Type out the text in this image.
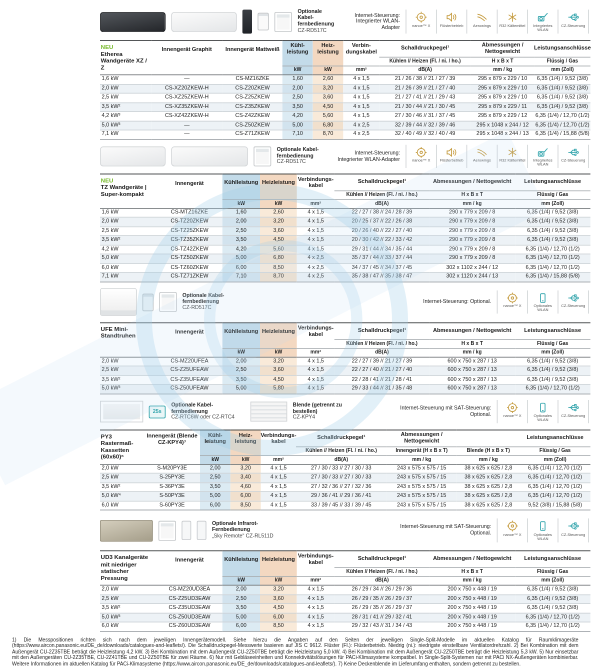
Optionale Kabel-fernbedienung
CZ-RD517C
Internet-Steuerung: Integrierter WLAN-Adapter	nanoe™ X Flüsterbetrieb Aerowings R32 Kältemittel	Integriertes WLAN
CZ-Steuerung
NEU
Etherea Wandgeräte XZ / Z

Innengerät Graphit	Innengerät Mattweiß

Kühl-leistung
kW

Heiz-leistung
kW

Verbin-dungskabel
mm²

Schalldruckpegel¹
Kühlen // Heizen (Fl. / ni. / ho.)
dB(A)

Abmessungen / Nettogewicht
H x B x T
mm / kg

Leistungsanschlüsse
Flüssig / Gas
mm (Zoll)

1,6 kW	—	CS-MZ16ZKE	1,60	2,60	4 x 1,5	21 / 26 / 38 // 21 / 27 / 39	295 x 879 x 229 / 10	6,35 (1/4) / 9,52 (3/8)
2,0 kW	CS-XZ20ZKEW-H	CS-Z20ZKEW	2,00	3,20	4 x 1,5	21 / 26 / 39 // 21 / 27 / 40	295 x 879 x 229 / 10	6,35 (1/4) / 9,52 (3/8)
2,5 kW	CS-XZ25ZKEW-H	CS-Z25ZKEW	2,50	3,60	4 x 1,5	21 / 27 / 41 // 21 / 29 / 43	295 x 879 x 229 / 10	6,35 (1/4) / 9,52 (3/8)
3,5 kW²	CS-XZ35ZKEW-H	CS-Z35ZKEW	3,50	4,50	4 x 1,5	21 / 30 / 44 // 21 / 30 / 45	295 x 879 x 229 / 11	6,35 (1/4) / 9,52 (3/8)
4,2 kW³	CS-XZ42ZKEW-H	CS-Z42ZKEW	4,20	5,60	4 x 1,5	27 / 30 / 46 // 31 / 37 / 45	295 x 879 x 229 / 12	6,35 (1/4) / 12,70 (1/2)
5,0 kW³	—	CS-Z50ZKEW	5,00	6,80	4 x 2,5	32 / 39 / 44 // 32 / 39 / 46	295 x 1048 x 244 / 12	6,35 (1/4) / 12,70 (1/2)
7,1 kW	—	CS-Z71ZKEW	7,10	8,70	4 x 2,5	32 / 40 / 49 // 32 / 40 / 49	295 x 1048 x 244 / 13	6,35 (1/4) / 15,88 (5/8)
Optionale Kabel-fernbedienung
CZ-RD517C
Internet-Steuerung: Integrierter WLAN-Adapter	nanoe™ X Flüsterbetrieb Aerowings R32 Kältemittel	Integriertes WLAN
CZ-Steuerung
NEU
TZ Wandgeräte | Super-kompakt

Innengerät	Kühlleistung
kW

Heizleistung
kW

Verbindungs-kabel
mm²

Schalldruckpegel¹
Kühlen // Heizen (Fl. / ni. / ho.)
dB(A)

Abmessungen / Nettogewicht
H x B x T
mm / kg

Leistungsanschlüsse
Flüssig / Gas
mm (Zoll)

1,6 kW	CS-MTZ16ZKE	1,60	2,60	4 x 1,5	22 / 27 / 38 // 24 / 28 / 39	290 x 779 x 209 / 8	6,35 (1/4) / 9,52 (3/8)
2,0 kW	CS-TZ20ZKEW	2,00	3,20	4 x 1,5	20 / 25 / 37 // 22 / 26 / 38	290 x 779 x 209 / 8	6,35 (1/4) / 9,52 (3/8)
2,5 kW	CS-TZ25ZKEW	2,50	3,60	4 x 1,5	20 / 26 / 40 // 22 / 27 / 40	290 x 779 x 209 / 8	6,35 (1/4) / 9,52 (3/8)
3,5 kW²	CS-TZ35ZKEW	3,50	4,50	4 x 1,5	20 / 30 / 42 // 22 / 33 / 42	290 x 779 x 209 / 8	6,35 (1/4) / 9,52 (3/8)
4,2 kW	CS-TZ42ZKEW	4,20	5,60	4 x 1,5	29 / 31 / 44 // 34 / 35 / 44	290 x 779 x 209 / 8	6,35 (1/4) / 12,70 (1/2)
5,0 kW	CS-TZ50ZKEW	5,00	6,80	4 x 2,5	35 / 37 / 44 // 33 / 37 / 44	290 x 779 x 209 / 8	6,35 (1/4) / 12,70 (1/2)
6,0 kW	CS-TZ60ZKEW	6,00	8,50	4 x 2,5	34 / 37 / 45 // 34 / 37 / 45	302 x 1102 x 244 / 12	6,35 (1/4) / 12,70 (1/2)
7,1 kW	CS-TZ71ZKEW	7,10	8,70	4 x 2,5	35 / 38 / 47 // 35 / 38 / 47	302 x 1120 x 244 / 13	6,35 (1/4) / 15,88 (5/8)
Optionale Kabel-fernbedienung
CZ-RD517C
Internet-Steuerung: Optional.
nanoe™ X	Optionales WLAN
CZ-Steuerung
UFE Mini-Standtruhen	Innengerät	Kühlleistung
kW

Heizleistung
kW

Verbindungs-kabel
mm²

Schalldruckpegel¹
Kühlen // Heizen (Fl. / ni. / ho.)
dB(A)

Abmessungen / Nettogewicht
H x B x T
mm / kg

Leistungsanschlüsse
Flüssig / Gas
mm (Zoll)

2,0 kW	CS-MZ20UFEA	2,00	3,20	4 x 1,5	22 / 27 / 39 // 21 / 27 / 39	600 x 750 x 287 / 13	6,35 (1/4) / 9,52 (3/8)
2,5 kW	CS-Z25UFEAW	2,50	3,60	4 x 1,5	22 / 27 / 40 // 21 / 27 / 40	600 x 750 x 287 / 13	6,35 (1/4) / 9,52 (3/8)
3,5 kW²	CS-Z35UFEAW	3,50	4,50	4 x 1,5	22 / 28 / 41 // 21 / 28 / 41	600 x 750 x 287 / 13	6,35 (1/4) / 9,52 (3/8)
5,0 kW³	CS-Z50UFEAW	5,00	5,80	4 x 1,5	29 / 33 / 44 // 31 / 35 / 48	600 x 750 x 287 / 13	6,35 (1/4) / 12,70 (1/2)
25s
Optionale Kabel-fernbedienung
CZ-RTC6W oder CZ-RTC4
Blende (getrennt zu bestellen)
CZ-KPY4
Internet-Steuerung mit SAT-Steuerung: Optional.	nanoe™ X	Optionales WLAN
CZ-Steuerung
PY3 Rastermaß-Kassetten (60x60)⁶

Innengerät (Blende CZ-KPY4)⁷

Kühl-leistung
kW

Heiz-leistung
kW

Verbindungs-kabel
mm²

Schalldruckpegel¹
Kühlen // Heizen (Fl. / ni. / ho.)
dB(A)

Abmessungen / Nettogewicht
Innengerät (H x B x T)
mm / kg

Blende (H x B x T)
mm / kg

Leistungsanschlüsse
Flüssig / Gas
mm (Zoll)

2,0 kW	S-M20PY3E	2,00	3,20	4 x 1,5	27 / 30 / 33 // 27 / 30 / 33	243 x 575 x 575 / 15	38 x 625 x 625 / 2,8	6,35 (1/4) / 12,70 (1/2)
2,5 kW	S-25PY3E	2,50	3,40	4 x 1,5	27 / 30 / 33 // 27 / 30 / 33	243 x 575 x 575 / 15	38 x 625 x 625 / 2,8	6,35 (1/4) / 12,70 (1/2)
3,5 kW²	S-36PY3E	3,50	4,60	4 x 1,5	27 / 32 / 36 // 27 / 32 / 36	243 x 575 x 575 / 15	38 x 625 x 625 / 2,8	6,35 (1/4) / 12,70 (1/2)
5,0 kW⁴	S-50PY3E	5,00	6,00	4 x 1,5	29 / 36 / 41 // 29 / 36 / 41	243 x 575 x 575 / 15	38 x 625 x 625 / 2,8	6,35 (1/4) / 12,70 (1/2)
6,0 kW	S-60PY3E	6,00	8,50	4 x 1,5	33 / 39 / 45 // 33 / 39 / 45	243 x 575 x 575 / 15	38 x 625 x 625 / 2,8	9,52 (3/8) / 15,88 (5/8)
Optionale Infrarot-Fernbedienung
„Sky Remote“ CZ-RL511D
Internet-Steuerung mit SAT-Steuerung: Optional.	nanoe™ X	Optionales WLAN
CZ-Steuerung
UD3 Kanalgeräte mit niedriger statischer Pressung

Innengerät	Kühlleistung
kW

Heizleistung
kW

Verbindungs-kabel
mm²

Schalldruckpegel¹
Kühlen // Heizen (Fl. / ni. / ho.)
dB(A)

Abmessungen / Nettogewicht
H x B x T
mm / kg

Leistungsanschlüsse
Flüssig / Gas
mm (Zoll)

2,0 kW	CS-MZ20UD3EA	2,00	3,20	4 x 1,5	26 / 29 / 34 // 26 / 29 / 36	200 x 750 x 448 / 19	6,35 (1/4) / 9,52 (3/8)
2,5 kW	CS-Z25UD3EAW	2,50	3,60	4 x 1,5	26 / 29 / 35 // 26 / 29 / 37	200 x 750 x 448 / 19	6,35 (1/4) / 9,52 (3/8)
3,5 kW²	CS-Z35UD3EAW	3,50	4,50	4 x 1,5	26 / 29 / 35 // 26 / 29 / 37	200 x 750 x 448 / 19	6,35 (1/4) / 9,52 (3/8)
5,0 kW³	CS-Z50UD3EAW	5,00	6,00	4 x 1,5	28 / 31 / 41 // 29 / 32 / 41	200 x 750 x 448 / 19	6,35 (1/4) / 12,70 (1/2)
6,0 kW	CS-Z60UD3EAW	6,00	8,50	4 x 1,5	29 / 32 / 43 // 31 / 34 / 43	200 x 750 x 448 / 19	6,35 (1/4) / 12,70 (1/2)
1) Die Messpositionen richten sich nach dem jeweiligen Innengerätemodell. Siehe hierzu die Angaben auf den Seiten der jeweiligen Single-Split-Modelle im aktuellen Katalog für Raumklimageräte (https://www.aircon.panasonic.eu/DE_de/downloads/catalogues-and-leaflets/). Die Schalldruckpegel-Messwerte basieren auf JIS C 9612. Flüster (Fl.): Flüsterbetrieb. Niedrig (ni.): niedrigste einstellbare Ventilatordrehzahl. 2) Bei Kombination mit dem Außengerät CU-2Z35TBE beträgt die Heizleistung 4,2 kW. 3) Bei Kombination mit dem Außengerät CU-2Z50TBE beträgt die Heizleistung 5,0 kW. 4) Bei Kombination mit dem Außengerät CU-2Z50TBE beträgt die Heizleistung 5,3 kW. 5) Nur einsetzbar mit den Außengeräten CU-2Z35TBE, CU-2Z41TBE und CU-2Z50TBE für zwei Räume. 6) Nur mit Gebläseeinheiten und Konnektivitätslösungen für PACi-Klimasysteme kompatibel. In Single-Split-Systemen nur mit PACi NX-Außengeräten kombinierbar. Weitere Informationen im aktuellen Katalog für PACi-Klimasysteme (https://www.aircon.panasonic.eu/DE_de/downloads/catalogues-and-leaflets/). 7) Keine Deckenblende im Lieferumfang enthalten, sondern getrennt zu bestellen.
